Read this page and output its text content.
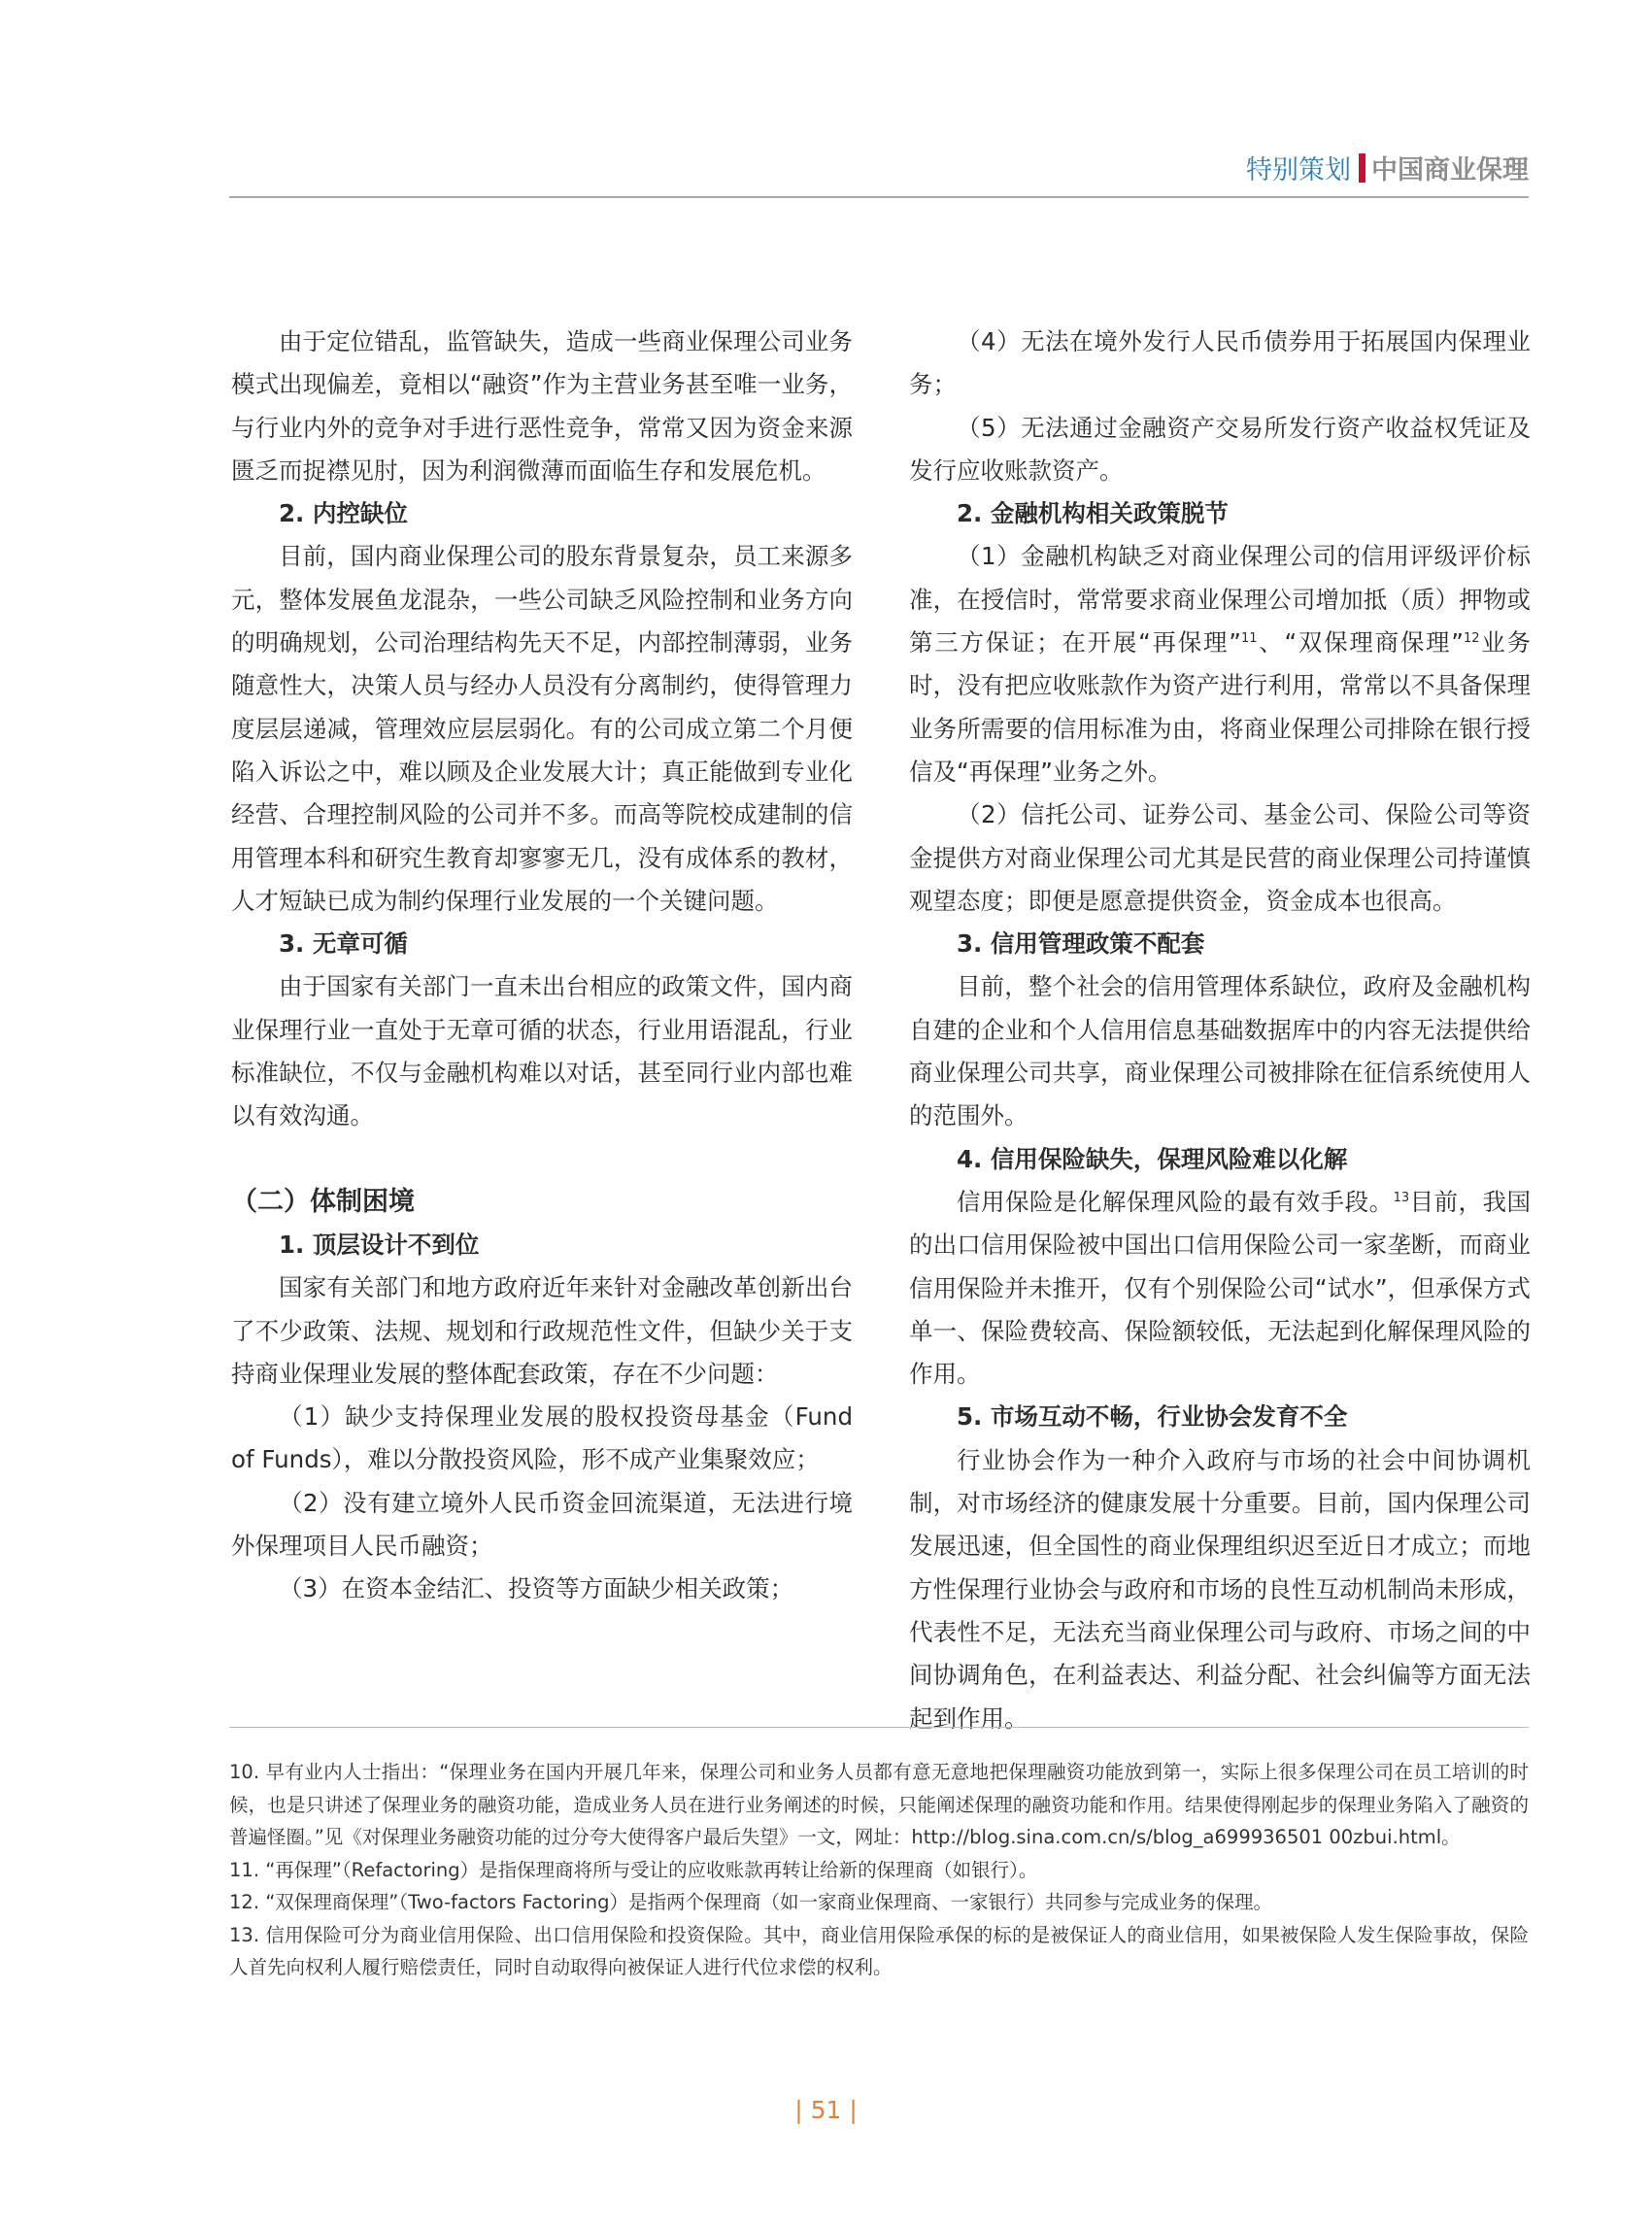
特别策划 中国商业保理

由于定位错乱，监管缺失，造成一些商业保理公司业务模式出现偏差，竟相以“融资”作为主营业务甚至唯一业务，与行业内外的竞争对手进行恶性竞争，常常又因为资金来源匮乏而捉襟见肘，因为利润微薄而面临生存和发展危机。

2. 内控缺位

目前，国内商业保理公司的股东背景复杂，员工来源多元，整体发展鱼龙混杂，一些公司缺乏风险控制和业务方向的明确规划，公司治理结构先天不足，内部控制薄弱，业务随意性大，决策人员与经办人员没有分离制约，使得管理力度层层递减，管理效应层层弱化。有的公司成立第二个月便陷入诉讼之中，难以顾及企业发展大计；真正能做到专业化经营、合理控制风险的公司并不多。而高等院校成建制的信用管理本科和研究生教育却寥寥无几，没有成体系的教材，人才短缺已成为制约保理行业发展的一个关键问题。

3. 无章可循

由于国家有关部门一直未出台相应的政策文件，国内商业保理行业一直处于无章可循的状态，行业用语混乱，行业标准缺位，不仅与金融机构难以对话，甚至同行业内部也难以有效沟通。

（二）体制困境

1. 顶层设计不到位

国家有关部门和地方政府近年来针对金融改革创新出台了不少政策、法规、规划和行政规范性文件，但缺少关于支持商业保理业发展的整体配套政策，存在不少问题：

（1）缺少支持保理业发展的股权投资母基金（Fund of Funds），难以分散投资风险，形不成产业集聚效应；

（2）没有建立境外人民币资金回流渠道，无法进行境外保理项目人民币融资；

（3）在资本金结汇、投资等方面缺少相关政策；

（4）无法在境外发行人民币债券用于拓展国内保理业务；

（5）无法通过金融资产交易所发行资产收益权凭证及发行应收账款资产。

2. 金融机构相关政策脱节

（1）金融机构缺乏对商业保理公司的信用评级评价标准，在授信时，常常要求商业保理公司增加抵（质）押物或第三方保证；在开展“再保理”$^{11}$、“双保理商保理”$^{12}$业务时，没有把应收账款作为资产进行利用，常常以不具备保理业务所需要的信用标准为由，将商业保理公司排除在银行授信及“再保理”业务之外。

（2）信托公司、证券公司、基金公司、保险公司等资金提供方对商业保理公司尤其是民营的商业保理公司持谨慎观望态度；即便是愿意提供资金，资金成本也很高。

3. 信用管理政策不配套

目前，整个社会的信用管理体系缺位，政府及金融机构自建的企业和个人信用信息基础数据库中的内容无法提供给商业保理公司共享，商业保理公司被排除在征信系统使用人的范围外。

4. 信用保险缺失，保理风险难以化解

信用保险是化解保理风险的最有效手段。$^{13}$目前，我国的出口信用保险被中国出口信用保险公司一家垄断，而商业信用保险并未推开，仅有个别保险公司“试水”，但承保方式单一、保险费较高、保险额较低，无法起到化解保理风险的作用。

5. 市场互动不畅，行业协会发育不全

行业协会作为一种介入政府与市场的社会中间协调机制，对市场经济的健康发展十分重要。目前，国内保理公司发展迅速，但全国性的商业保理组织迟至近日才成立；而地方性保理行业协会与政府和市场的良性互动机制尚未形成，代表性不足，无法充当商业保理公司与政府、市场之间的中间协调角色，在利益表达、利益分配、社会纠偏等方面无法起到作用。

10. 早有业内人士指出：“保理业务在国内开展几年来，保理公司和业务人员都有意无意地把保理融资功能放到第一，实际上很多保理公司在员工培训的时候，也是只讲述了保理业务的融资功能，造成业务人员在进行业务阐述的时候，只能阐述保理的融资功能和作用。结果使得刚起步的保理业务陷入了融资的普遍怪圈。”见《对保理业务融资功能的过分夸大使得客户最后失望》一文，网址：http://blog.sina.com.cn/s/blog_a699936501 00zbui.html。

11. “再保理”（Refactoring）是指保理商将所与受让的应收账款再转让给新的保理商（如银行）。

12. “双保理商保理”（Two-factors Factoring）是指两个保理商（如一家商业保理商、一家银行）共同参与完成业务的保理。

13. 信用保险可分为商业信用保险、出口信用保险和投资保险。其中，商业信用保险承保的标的是被保证人的商业信用，如果被保险人发生保险事故，保险人首先向权利人履行赔偿责任，同时自动取得向被保证人进行代位求偿的权利。

| 51 |
